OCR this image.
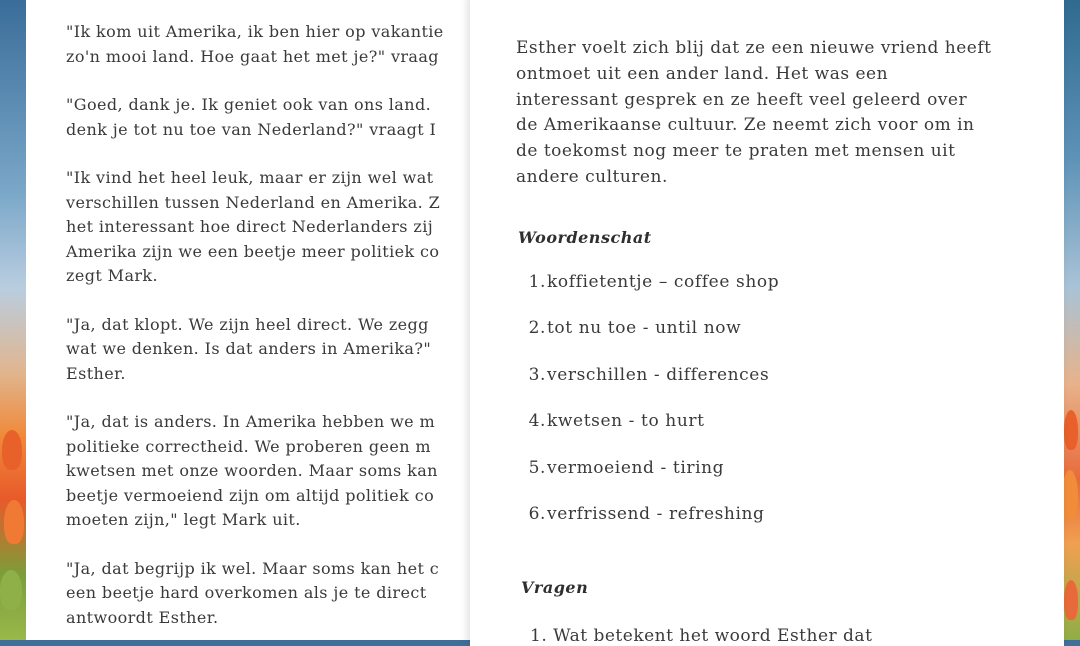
"Ik kom uit Amerika, ik ben hier op vakantie
zo'n mooi land. Hoe gaat het met je?" vraag

"Goed, dank je. Ik geniet ook van ons land.
denk je tot nu toe van Nederland?" vraagt I

"Ik vind het heel leuk, maar er zijn wel wat
verschillen tussen Nederland en Amerika. Z
het interessant hoe direct Nederlanders zij
Amerika zijn we een beetje meer politiek co
zegt Mark.

"Ja, dat klopt. We zijn heel direct. We zegg
wat we denken. Is dat anders in Amerika?"
Esther.

"Ja, dat is anders. In Amerika hebben we m
politieke correctheid. We proberen geen m
kwetsen met onze woorden. Maar soms kan
beetje vermoeiend zijn om altijd politiek co
moeten zijn," legt Mark uit.

"Ja, dat begrijp ik wel. Maar soms kan het c
een beetje hard overkomen als je te direct
antwoordt Esther.

Esther voelt zich blij dat ze een nieuwe vriend heeft
ontmoet uit een ander land. Het was een
interessant gesprek en ze heeft veel geleerd over
de Amerikaanse cultuur. Ze neemt zich voor om in
de toekomst nog meer te praten met mensen uit
andere culturen.

Woordenschat
1. koffietentje – coffee shop
2. tot nu toe - until now
3. verschillen - differences
4. kwetsen - to hurt
5. vermoeiend - tiring
6. verfrissend - refreshing
Vragen
1. Wat betekent het woord Esther dat
